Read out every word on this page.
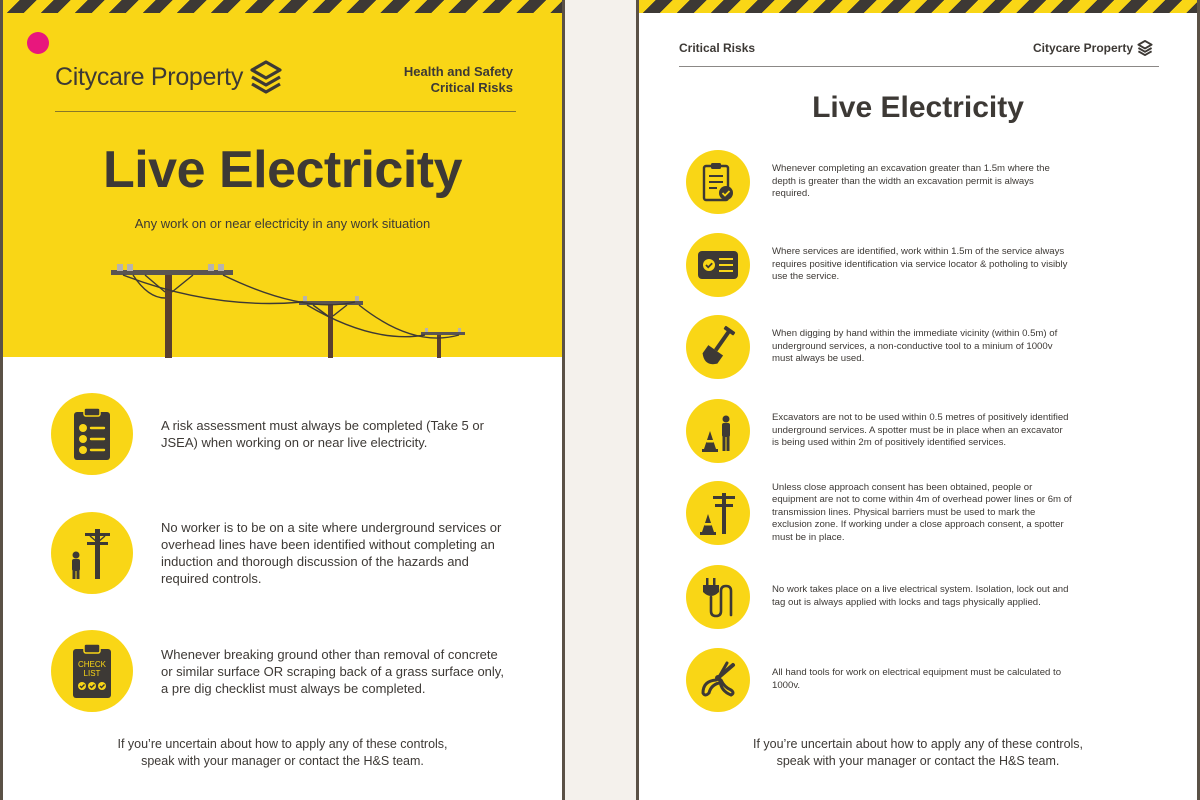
Citycare Property	Health and Safety
Critical Risks
Live Electricity
Any work on or near electricity in any work situation
A risk assessment must always be completed (Take 5 or JSEA) when working on or near live electricity.
No worker is to be on a site where underground services or overhead lines have been identified without completing an induction and thorough discussion of the hazards and required controls.
CHECK
LIST
Whenever breaking ground other than removal of concrete or similar surface OR scraping back of a grass surface only, a pre dig checklist must always be completed.
If you’re uncertain about how to apply any of these controls,
speak with your manager or contact the H&S team.
Critical Risks	Citycare Property
Live Electricity
Whenever completing an excavation greater than 1.5m where the depth is greater than the width an excavation permit is always required.
Where services are identified, work within 1.5m of the service always requires positive identification via service locator & potholing to visibly use the service.
When digging by hand within the immediate vicinity (within 0.5m) of underground services, a non-conductive tool to a minium of 1000v must always be used.
Excavators are not to be used within 0.5 metres of positively identified underground services. A spotter must be in place when an excavator is being used within 2m of positively identified services.
Unless close approach consent has been obtained, people or equipment are not to come within 4m of overhead power lines or 6m of transmission lines. Physical barriers must be used to mark the exclusion zone. If working under a close approach consent, a spotter must be in place.
No work takes place on a live electrical system. Isolation, lock out and tag out is always applied with locks and tags physically applied.
All hand tools for work on electrical equipment must be calculated to 1000v.
If you’re uncertain about how to apply any of these controls,
speak with your manager or contact the H&S team.
